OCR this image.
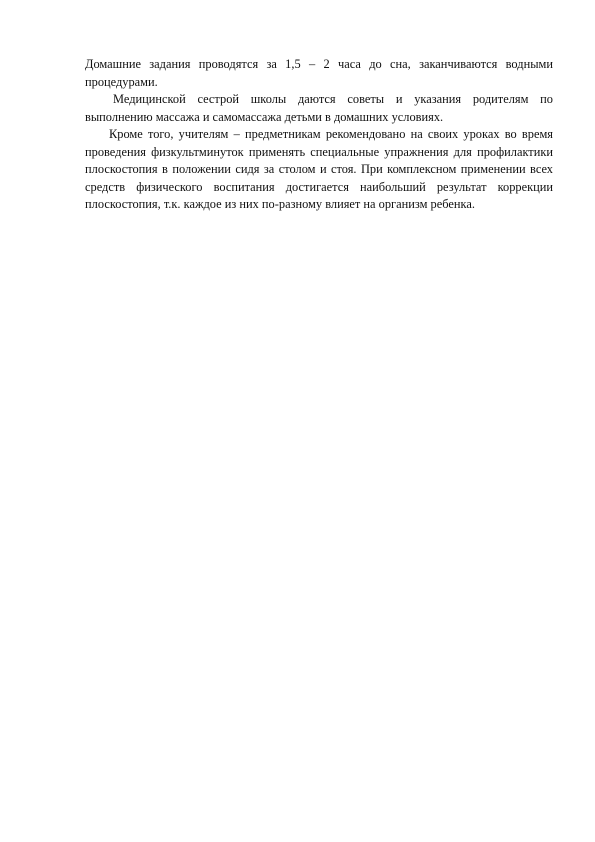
Домашние задания проводятся за 1,5 – 2 часа до сна, заканчиваются водными процедурами.

Медицинской сестрой школы даются советы и указания родителям по выполнению массажа и самомассажа детьми в домашних условиях.

Кроме того, учителям – предметникам рекомендовано на своих уроках во время проведения физкультминуток применять специальные упражнения для профилактики плоскостопия в положении сидя за столом и стоя. При комплексном применении всех средств физического воспитания достигается наибольший результат коррекции плоскостопия, т.к. каждое из них по-разному влияет на организм ребенка.
